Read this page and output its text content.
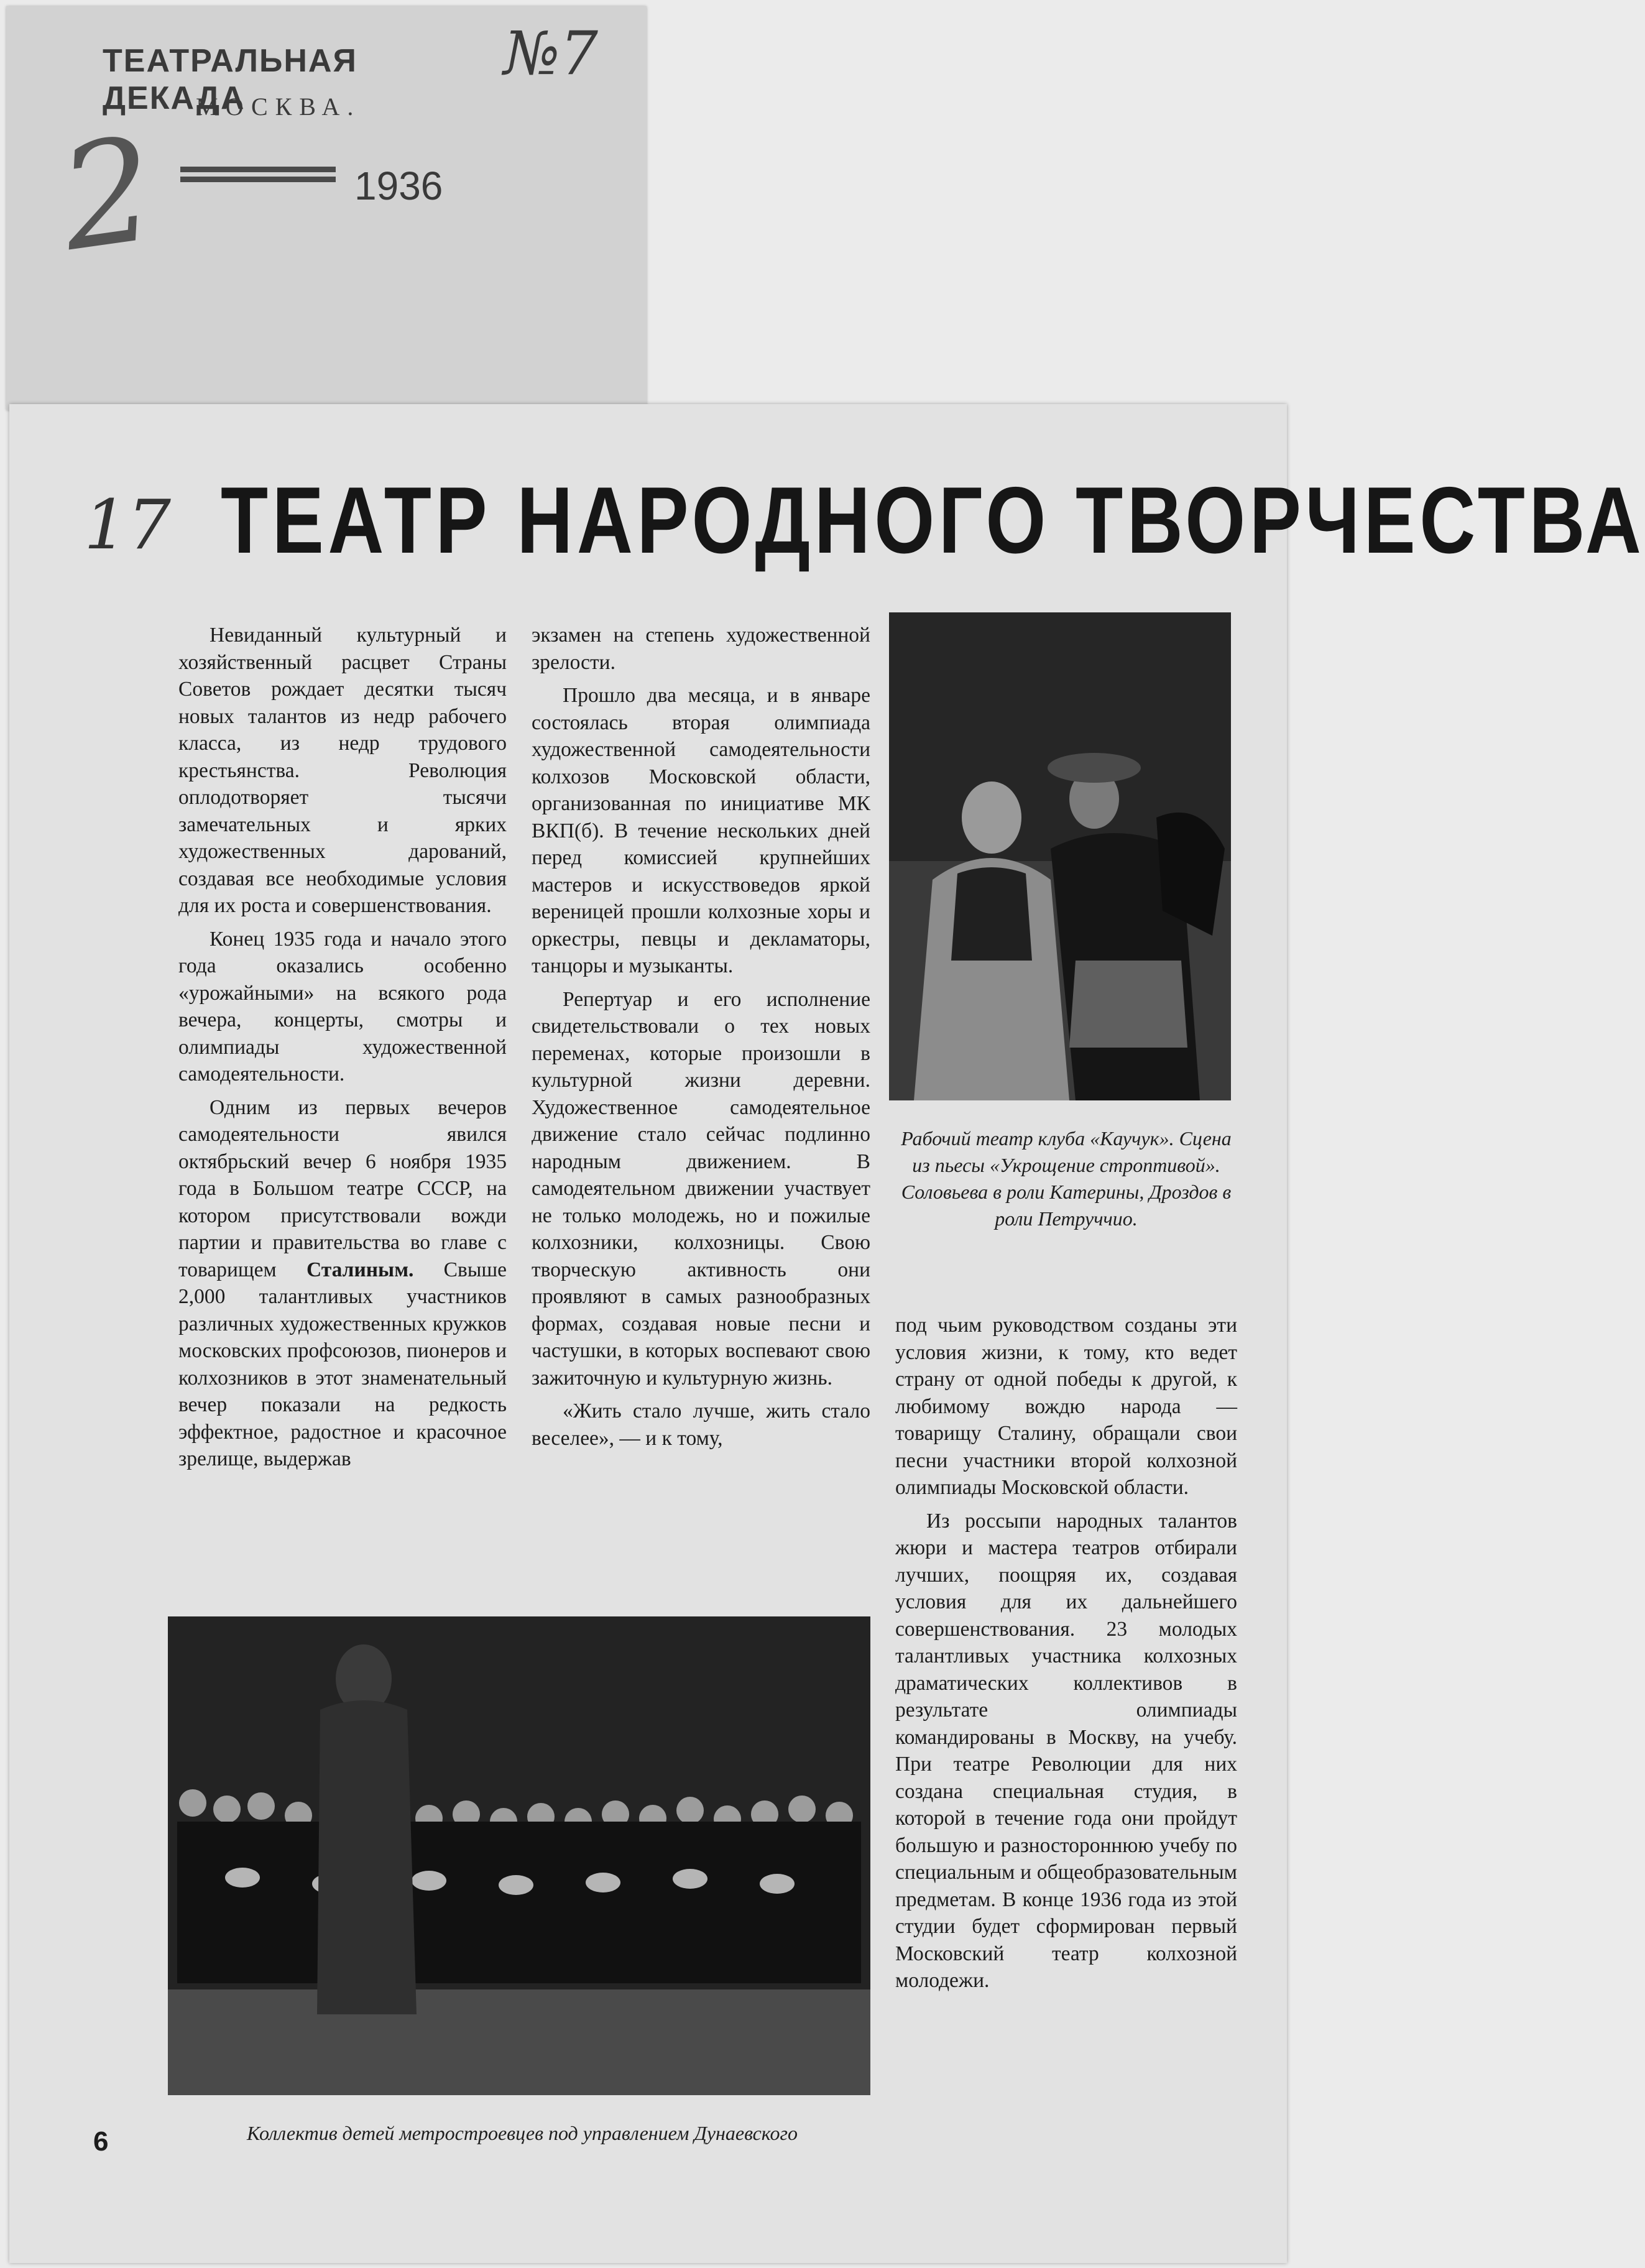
ТЕАТРАЛЬНАЯ ДЕКАДА
МОСКВА.
№7
2	1936
17 ТЕАТР НАРОДНОГО ТВОРЧЕСТВА

Невиданный культурный и хозяйственный расцвет Страны Советов рождает десятки тысяч новых талантов из недр рабочего класса, из недр трудового крестьянства. Революция оплодотворяет тысячи замечательных и ярких художественных дарований, создавая все необходимые условия для их роста и совершенствования.

Конец 1935 года и начало этого года оказались особенно «урожайными» на всякого рода вечера, концерты, смотры и олимпиады художественной самодеятельности.

Одним из первых вечеров самодеятельности явился октябрьский вечер 6 ноября 1935 года в Большом театре СССР, на котором присутствовали вожди партии и правительства во главе с товарищем Сталиным. Свыше 2,000 талантливых участников различных художественных кружков московских профсоюзов, пионеров и колхозников в этот знаменательный вечер показали на редкость эффектное, радостное и красочное зрелище, выдержав

экзамен на степень художественной зрелости.

Прошло два месяца, и в январе состоялась вторая олимпиада художественной самодеятельности колхозов Московской области, организованная по инициативе МК ВКП(б). В течение нескольких дней перед комиссией крупнейших мастеров и искусствоведов яркой вереницей прошли колхозные хоры и оркестры, певцы и декламаторы, танцоры и музыканты.

Репертуар и его исполнение свидетельствовали о тех новых переменах, которые произошли в культурной жизни деревни. Художественное самодеятельное движение стало сейчас подлинно народным движением. В самодеятельном движении участвует не только молодежь, но и пожилые колхозники, колхозницы. Свою творческую активность они проявляют в самых разнообразных формах, создавая новые песни и частушки, в которых воспевают свою зажиточную и культурную жизнь.

«Жить стало лучше, жить стало веселее», — и к тому,

Рабочий театр клуба «Каучук». Сцена из пьесы «Укрощение строптивой». Соловьева в роли Катерины, Дроздов в роли Петруччио.
Коллектив детей метростроевцев под управлением Дунаевского

под чьим руководством созданы эти условия жизни, к тому, кто ведет страну от одной победы к другой, к любимому вождю народа — товарищу Сталину, обращали свои песни участники второй колхозной олимпиады Московской области.

Из россыпи народных талантов жюри и мастера театров отбирали лучших, поощряя их, создавая условия для их дальнейшего совершенствования. 23 молодых талантливых участника колхозных драматических коллективов в результате олимпиады командированы в Москву, на учебу. При театре Революции для них создана специальная студия, в которой в течение года они пройдут большую и разностороннюю учебу по специальным и общеобразовательным предметам. В конце 1936 года из этой студии будет сформирован первый Московский театр колхозной молодежи.

6
